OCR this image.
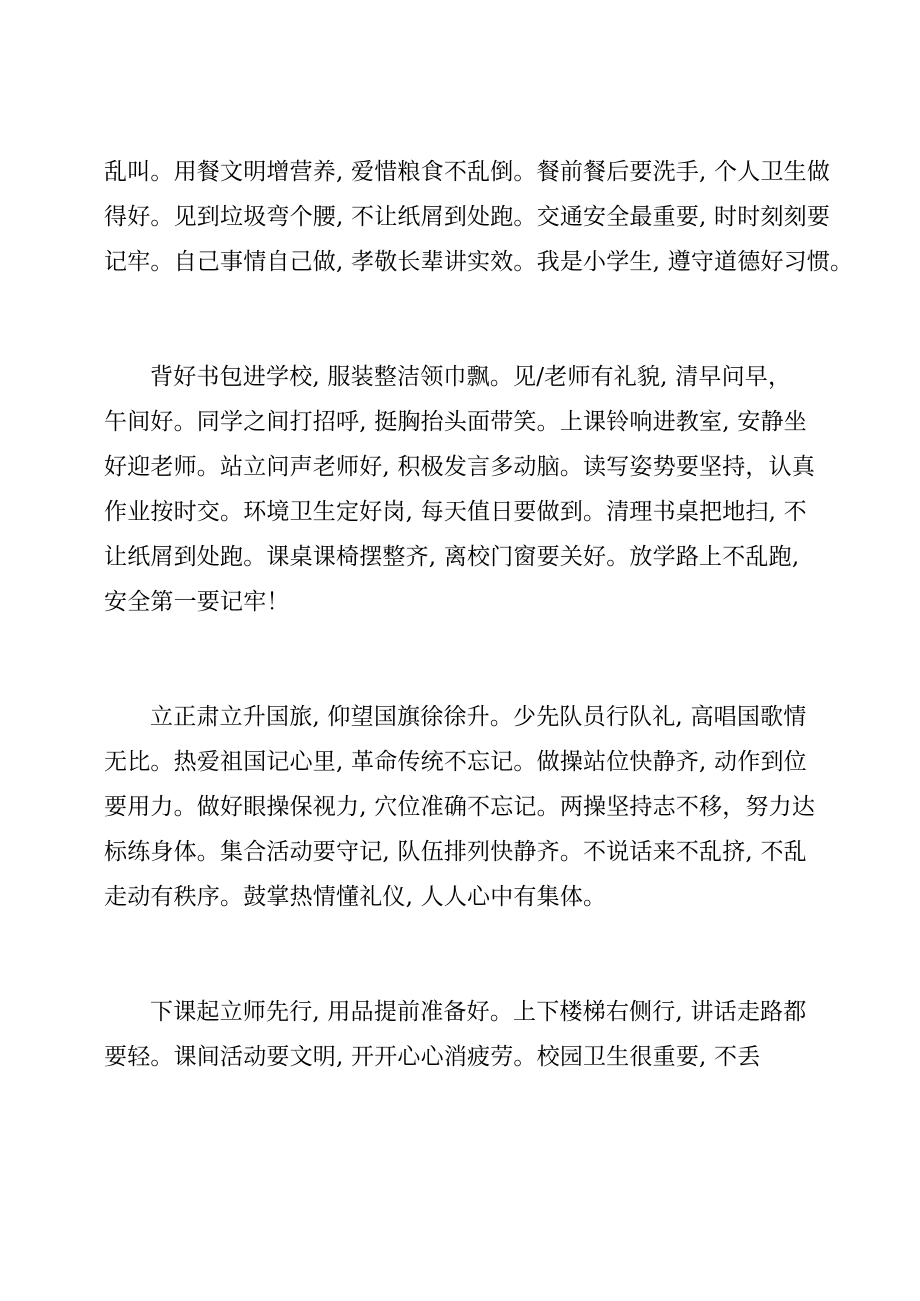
乱叫。用餐文明增营养, 爱惜粮食不乱倒。餐前餐后要洗手, 个人卫生做
得好。见到垃圾弯个腰, 不让纸屑到处跑。交通安全最重要, 时时刻刻要
记牢。自己事情自己做, 孝敬长辈讲实效。我是小学生, 遵守道德好习惯。
背好书包进学校, 服装整洁领巾飘。见/老师有礼貌, 清早问早，
午间好。同学之间打招呼, 挺胸抬头面带笑。上课铃响进教室, 安静坐
好迎老师。站立问声老师好, 积极发言多动脑。读写姿势要坚持，认真
作业按时交。环境卫生定好岗, 每天值日要做到。清理书桌把地扫, 不
让纸屑到处跑。课桌课椅摆整齐, 离校门窗要关好。放学路上不乱跑,
安全第一要记牢！
立正肃立升国旅, 仰望国旗徐徐升。少先队员行队礼, 高唱国歌情
无比。热爱祖国记心里, 革命传统不忘记。做操站位快静齐, 动作到位
要用力。做好眼操保视力, 穴位准确不忘记。两操坚持志不移，努力达
标练身体。集合活动要守记, 队伍排列快静齐。不说话来不乱挤, 不乱
走动有秩序。鼓掌热情懂礼仪, 人人心中有集体。
下课起立师先行, 用品提前准备好。上下楼梯右侧行, 讲话走路都
要轻。课间活动要文明, 开开心心消疲劳。校园卫生很重要, 不丢
